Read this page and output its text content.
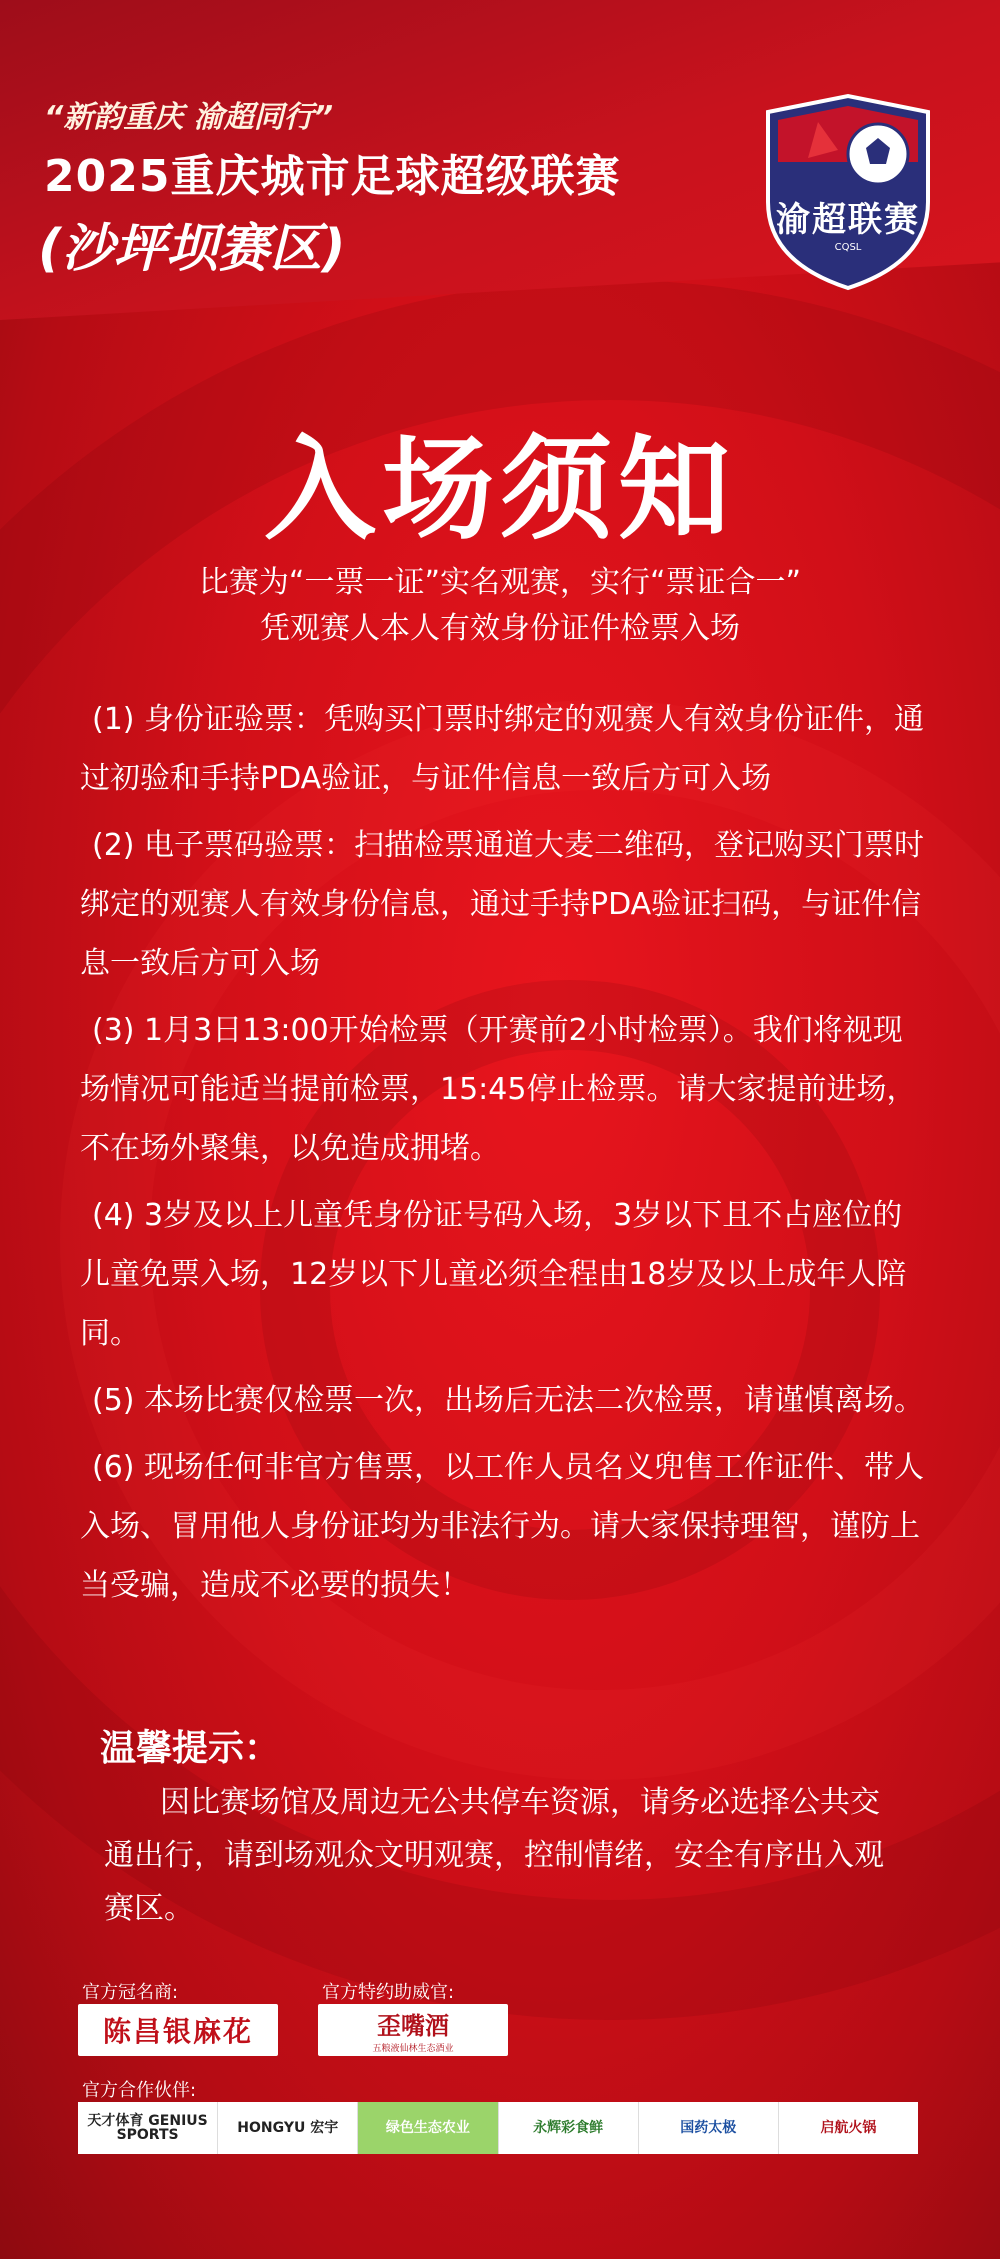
“新韵重庆 渝超同行”
2025重庆城市足球超级联赛
(沙坪坝赛区)	渝超联赛
CQSL
入场须知
比赛为“一票一证”实名观赛，实行“票证合一”
凭观赛人本人有效身份证件检票入场

(1) 身份证验票：凭购买门票时绑定的观赛人有效身份证件，通过初验和手持PDA验证，与证件信息一致后方可入场

(2) 电子票码验票：扫描检票通道大麦二维码，登记购买门票时绑定的观赛人有效身份信息，通过手持PDA验证扫码，与证件信息一致后方可入场

(3) 1月3日13:00开始检票（开赛前2小时检票）。我们将视现场情况可能适当提前检票，15:45停止检票。请大家提前进场，不在场外聚集，以免造成拥堵。

(4) 3岁及以上儿童凭身份证号码入场，3岁以下且不占座位的儿童免票入场，12岁以下儿童必须全程由18岁及以上成年人陪同。

(5) 本场比赛仅检票一次，出场后无法二次检票，请谨慎离场。

(6) 现场任何非官方售票，以工作人员名义兜售工作证件、带人入场、冒用他人身份证均为非法行为。请大家保持理智，谨防上当受骗，造成不必要的损失！

温馨提示：
因比赛场馆及周边无公共停车资源，请务必选择公共交通出行，请到场观众文明观赛，控制情绪，安全有序出入观赛区。
官方冠名商:
陈昌银麻花
官方特约助威官:
歪嘴酒
五粮液仙林生态酒业
官方合作伙伴:
天才体育 GENIUS SPORTS	HONGYU 宏宇	绿色生态农业	永辉彩食鲜	国药太极	启航火锅
